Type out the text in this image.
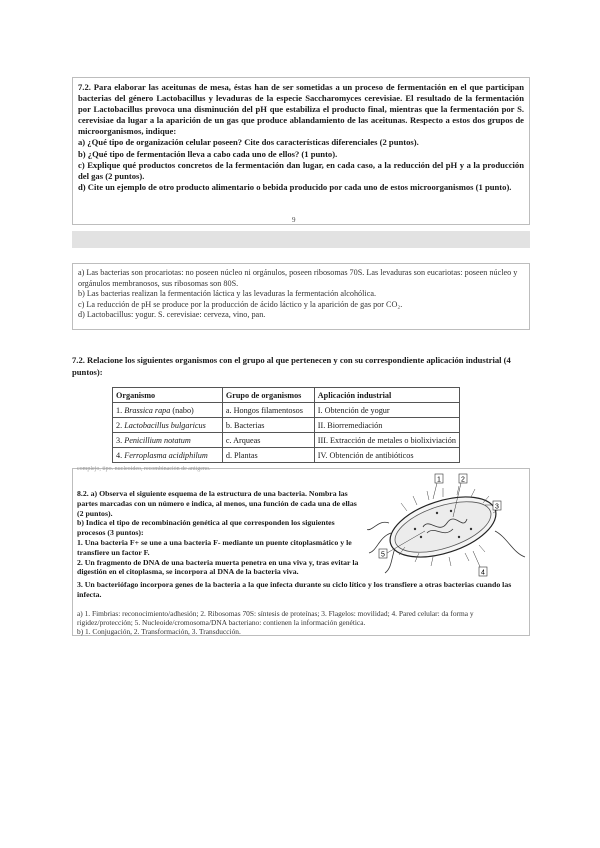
7.2. Para elaborar las aceitunas de mesa, éstas han de ser sometidas a un proceso de fermentación en el que participan bacterias del género Lactobacillus y levaduras de la especie Saccharomyces cerevisiae. El resultado de la fermentación por Lactobacillus provoca una disminución del pH que estabiliza el producto final, mientras que la fermentación por S. cerevisiae da lugar a la aparición de un gas que produce ablandamiento de las aceitunas. Respecto a estos dos grupos de microorganismos, indique:

a) ¿Qué tipo de organización celular poseen? Cite dos características diferenciales (2 puntos).

b) ¿Qué tipo de fermentación lleva a cabo cada uno de ellos? (1 punto).

c) Explique qué productos concretos de la fermentación dan lugar, en cada caso, a la reducción del pH y a la producción del gas (2 puntos).

d) Cite un ejemplo de otro producto alimentario o bebida producido por cada uno de estos microorganismos (1 punto).

9

a) Las bacterias son procariotas: no poseen núcleo ni orgánulos, poseen ribosomas 70S. Las levaduras son eucariotas: poseen núcleo y orgánulos membranosos, sus ribosomas son 80S.

b) Las bacterias realizan la fermentación láctica y las levaduras la fermentación alcohólica.

c) La reducción de pH se produce por la producción de ácido láctico y la aparición de gas por CO₂.

d) Lactobacillus: yogur. S. cerevisiae: cerveza, vino, pan.

7.2. Relacione los siguientes organismos con el grupo al que pertenecen y con su correspondiente aplicación industrial (4 puntos):

Organismo	Grupo de organismos	Aplicación industrial
1. Brassica rapa (nabo)	a. Hongos filamentosos	I. Obtención de yogur
2. Lactobacillus bulgaricus	b. Bacterias	II. Biorremediación
3. Penicillium notatum	c. Arqueas	III. Extracción de metales o biolixiviación
4. Ferroplasma acidiphilum	d. Plantas	IV. Obtención de antibióticos
complejo, tipo. nucleoideo, recombinación de antígeno.

8.2. a) Observa el siguiente esquema de la estructura de una bacteria. Nombra las partes marcadas con un número e indica, al menos, una función de cada una de ellas (2 puntos).

b) Indica el tipo de recombinación genética al que corresponden los siguientes procesos (3 puntos):

1. Una bacteria F+ se une a una bacteria F- mediante un puente citoplasmático y le transfiere un factor F.

2. Un fragmento de DNA de una bacteria muerta penetra en una viva y, tras evitar la digestión en el citoplasma, se incorpora al DNA de la bacteria viva.

3. Un bacteriófago incorpora genes de la bacteria a la que infecta durante su ciclo lítico y los transfiere a otras bacterias cuando las infecta.

a) 1. Fimbrias: reconocimiento/adhesión; 2. Ribosomas 70S: síntesis de proteínas; 3. Flagelos: movilidad; 4. Pared celular: da forma y rigidez/protección; 5. Nucleoide/cromosoma/DNA bacteriano: contienen la información genética.

b) 1. Conjugación, 2. Transformación, 3. Transducción.

1	2
3
4
5
